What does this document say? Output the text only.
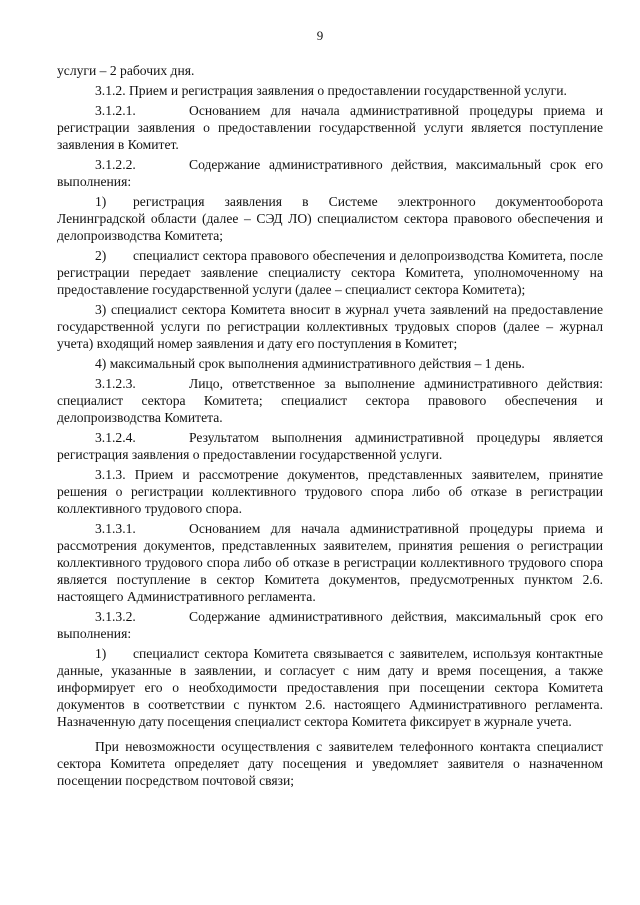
9

услуги – 2 рабочих дня.

3.1.2. Прием и регистрация заявления о предоставлении государственной услуги.

3.1.2.1.	Основанием для начала административной процедуры приема и регистрации заявления о предоставлении государственной услуги является поступление заявления в Комитет.

3.1.2.2.	Содержание административного действия, максимальный срок его выполнения:

1) регистрация заявления в Системе электронного документооборота Ленинградской области (далее – СЭД ЛО) специалистом сектора правового обеспечения и делопроизводства Комитета;

2) специалист сектора правового обеспечения и делопроизводства Комитета, после регистрации передает заявление специалисту сектора Комитета, уполномоченному на предоставление государственной услуги (далее – специалист сектора Комитета);

3) специалист сектора Комитета вносит в журнал учета заявлений на предоставление государственной услуги по регистрации коллективных трудовых споров (далее – журнал учета) входящий номер заявления и дату его поступления в Комитет;

4) максимальный срок выполнения административного действия – 1 день.

3.1.2.3.	Лицо, ответственное за выполнение административного действия: специалист сектора Комитета; специалист сектора правового обеспечения и делопроизводства Комитета.

3.1.2.4.	Результатом выполнения административной процедуры является регистрация заявления о предоставлении государственной услуги.

3.1.3. Прием и рассмотрение документов, представленных заявителем, принятие решения о регистрации коллективного трудового спора либо об отказе в регистрации коллективного трудового спора.

3.1.3.1.	Основанием для начала административной процедуры приема и рассмотрения документов, представленных заявителем, принятия решения о регистрации коллективного трудового спора либо об отказе в регистрации коллективного трудового спора является поступление в сектор Комитета документов, предусмотренных пунктом 2.6. настоящего Административного регламента.

3.1.3.2.	Содержание административного действия, максимальный срок его выполнения:

1) специалист сектора Комитета связывается с заявителем, используя контактные данные, указанные в заявлении, и согласует с ним дату и время посещения, а также информирует его о необходимости предоставления при посещении сектора Комитета документов в соответствии с пунктом 2.6. настоящего Административного регламента. Назначенную дату посещения специалист сектора Комитета фиксирует в журнале учета.

При невозможности осуществления с заявителем телефонного контакта специалист сектора Комитета определяет дату посещения и уведомляет заявителя о назначенном посещении посредством почтовой связи;
